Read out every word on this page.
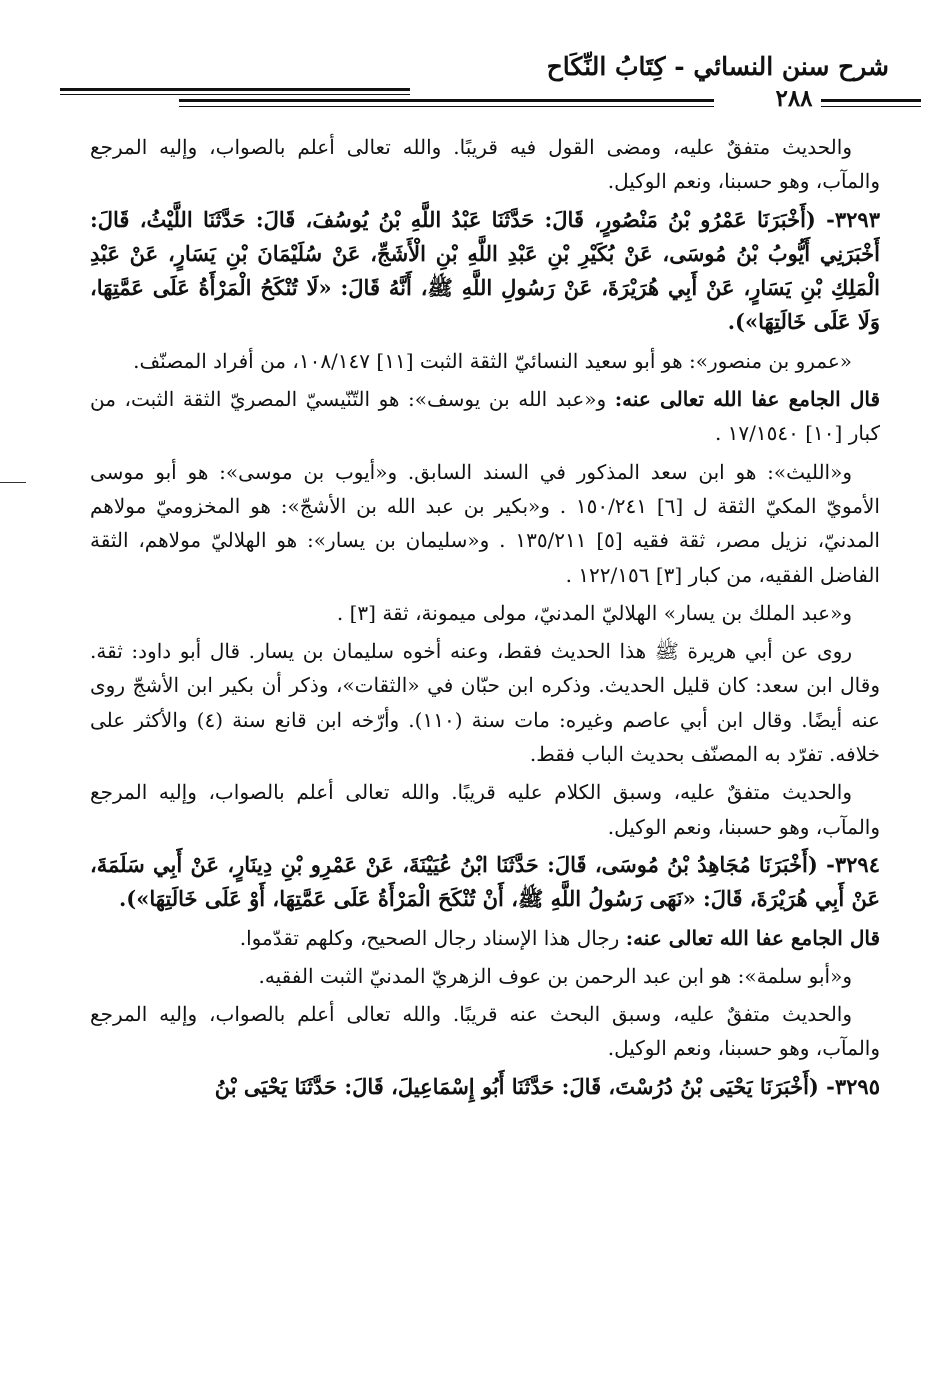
شرح سنن النسائي - كِتَابُ النِّكَاح
٢٨٨

والحديث متفقٌ عليه، ومضى القول فيه قريبًا. والله تعالى أعلم بالصواب، وإليه المرجع والمآب، وهو حسبنا، ونعم الوكيل.

٣٢٩٣- (أَخْبَرَنَا عَمْرُو بْنُ مَنْصُورٍ، قَالَ: حَدَّثَنَا عَبْدُ اللَّهِ بْنُ يُوسُفَ، قَالَ: حَدَّثَنَا اللَّيْثُ، قَالَ: أَخْبَرَنِي أَيُّوبُ بْنُ مُوسَى، عَنْ بُكَيْرِ بْنِ عَبْدِ اللَّهِ بْنِ الْأَشَجِّ، عَنْ سُلَيْمَانَ بْنِ يَسَارٍ، عَنْ عَبْدِ الْمَلِكِ بْنِ يَسَارٍ، عَنْ أَبِي هُرَيْرَةَ، عَنْ رَسُولِ اللَّهِ ﷺ، أَنَّهُ قَالَ: «لَا تُنْكَحُ الْمَرْأَةُ عَلَى عَمَّتِهَا، وَلَا عَلَى خَالَتِهَا»).

«عمرو بن منصور»: هو أبو سعيد النسائيّ الثقة الثبت [١١] ١٠٨/١٤٧، من أفراد المصنّف.

قال الجامع عفا الله تعالى عنه: و«عبد الله بن يوسف»: هو التّنّيسيّ المصريّ الثقة الثبت، من كبار [١٠] ١٧/١٥٤٠ .

و«الليث»: هو ابن سعد المذكور في السند السابق. و«أيوب بن موسى»: هو أبو موسى الأمويّ المكيّ الثقة ل [٦] ١٥٠/٢٤١ . و«بكير بن عبد الله بن الأشجّ»: هو المخزوميّ مولاهم المدنيّ، نزيل مصر، ثقة فقيه [٥] ١٣٥/٢١١ . و«سليمان بن يسار»: هو الهلاليّ مولاهم، الثقة الفاضل الفقيه، من كبار [٣] ١٢٢/١٥٦ .

و«عبد الملك بن يسار» الهلاليّ المدنيّ، مولى ميمونة، ثقة [٣] .

روى عن أبي هريرة ﷺ هذا الحديث فقط، وعنه أخوه سليمان بن يسار. قال أبو داود: ثقة. وقال ابن سعد: كان قليل الحديث. وذكره ابن حبّان في «الثقات»، وذكر أن بكير ابن الأشجّ روى عنه أيضًا. وقال ابن أبي عاصم وغيره: مات سنة (١١٠). وأرّخه ابن قانع سنة (٤) والأكثر على خلافه. تفرّد به المصنّف بحديث الباب فقط.

والحديث متفقٌ عليه، وسبق الكلام عليه قريبًا. والله تعالى أعلم بالصواب، وإليه المرجع والمآب، وهو حسبنا، ونعم الوكيل.

٣٢٩٤- (أَخْبَرَنَا مُجَاهِدُ بْنُ مُوسَى، قَالَ: حَدَّثَنَا ابْنُ عُيَيْنَةَ، عَنْ عَمْرِو بْنِ دِينَارٍ، عَنْ أَبِي سَلَمَةَ، عَنْ أَبِي هُرَيْرَةَ، قَالَ: «نَهَى رَسُولُ اللَّهِ ﷺ، أَنْ تُنْكَحَ الْمَرْأَةُ عَلَى عَمَّتِهَا، أَوْ عَلَى خَالَتِهَا»).

قال الجامع عفا الله تعالى عنه: رجال هذا الإسناد رجال الصحيح، وكلهم تقدّموا.

و«أبو سلمة»: هو ابن عبد الرحمن بن عوف الزهريّ المدنيّ الثبت الفقيه.

والحديث متفقٌ عليه، وسبق البحث عنه قريبًا. والله تعالى أعلم بالصواب، وإليه المرجع والمآب، وهو حسبنا، ونعم الوكيل.

٣٢٩٥- (أَخْبَرَنَا يَحْيَى بْنُ دُرُسْتَ، قَالَ: حَدَّثَنَا أَبُو إِسْمَاعِيلَ، قَالَ: حَدَّثَنَا يَحْيَى بْنُ
